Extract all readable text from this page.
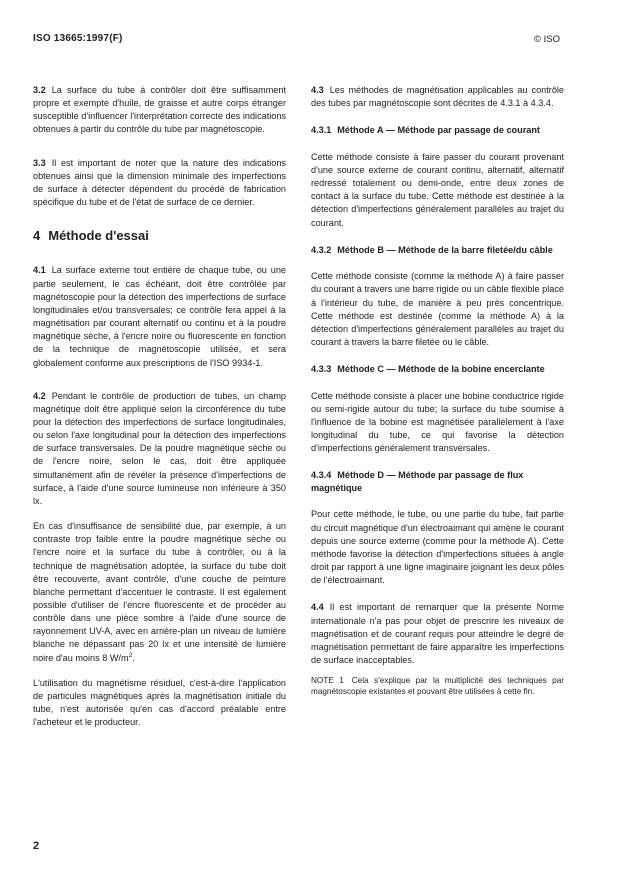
ISO 13665:1997(F)	© ISO

3.2 La surface du tube à contrôler doit être suffisamment propre et exempte d'huile, de graisse et autre corps étranger susceptible d'influencer l'interprétation correcte des indications obtenues à partir du contrôle du tube par magnétoscopie.

3.3 Il est important de noter que la nature des indications obtenues ainsi que la dimension minimale des imperfections de surface à détecter dépendent du procédé de fabrication spécifique du tube et de l'état de surface de ce dernier.

4 Méthode d'essai

4.1 La surface externe tout entière de chaque tube, ou une partie seulement, le cas échéant, doit être contrôlée par magnétoscopie pour la détection des imperfections de surface longitudinales et/ou transversales; ce contrôle fera appel à la magnétisation par courant alternatif ou continu et à la poudre magnétique sèche, à l'encre noire ou fluorescente en fonction de la technique de magnétoscopie utilisée, et sera globalement conforme aux prescriptions de l'ISO 9934-1.

4.2 Pendant le contrôle de production de tubes, un champ magnétique doit être appliqué selon la circonférence du tube pour la détection des imperfections de surface longitudinales, ou selon l'axe longitudinal pour la détection des imperfections de surface transversales. De la poudre magnétique sèche ou de l'encre noire, selon le cas, doit être appliquée simultanément afin de révéler la présence d'imperfections de surface, à l'aide d'une source lumineuse non inférieure à 350 lx.

En cas d'insuffisance de sensibilité due, par exemple, à un contraste trop faible entre la poudre magnétique sèche ou l'encre noire et la surface du tube à contrôler, ou à la technique de magnétisation adoptée, la surface du tube doit être recouverte, avant contrôle, d'une couche de peinture blanche permettant d'accentuer le contraste. Il est également possible d'utiliser de l'encre fluorescente et de procéder au contrôle dans une pièce sombre à l'aide d'une source de rayonnement UV-A, avec en arrière-plan un niveau de lumière blanche ne dépassant pas 20 lx et une intensité de lumière noire d'au moins 8 $W/m^2$.

L'utilisation du magnétisme résiduel, c'est-à-dire l'application de particules magnétiques après la magnétisation initiale du tube, n'est autorisée qu'en cas d'accord préalable entre l'acheteur et le producteur.

4.3 Les méthodes de magnétisation applicables au contrôle des tubes par magnétoscopie sont décrites de 4.3.1 à 4.3.4.

4.3.1 Méthode A — Méthode par passage de courant

Cette méthode consiste à faire passer du courant provenant d'une source externe de courant continu, alternatif, alternatif redressé totalement ou demi-onde, entre deux zones de contact à la surface du tube. Cette méthode est destinée à la détection d'imperfections généralement parallèles au trajet du courant.

4.3.2 Méthode B — Méthode de la barre filetée/du câble

Cette méthode consiste (comme la méthode A) à faire passer du courant à travers une barre rigide ou un câble flexible placé à l'intérieur du tube, de manière à peu près concentrique. Cette méthode est destinée (comme la méthode A) à la détection d'imperfections généralement parallèles au trajet du courant à travers la barre filetée ou le câble.

4.3.3 Méthode C — Méthode de la bobine encerclante

Cette méthode consiste à placer une bobine conductrice rigide ou semi-rigide autour du tube; la surface du tube soumise à l'influence de la bobine est magnétisée parallèlement à l'axe longitudinal du tube, ce qui favorise la détection d'imperfections généralement transversales.

4.3.4 Méthode D — Méthode par passage de flux magnétique

Pour cette méthode, le tube, ou une partie du tube, fait partie du circuit magnétique d'un électroaimant qui amène le courant depuis une source externe (comme pour la méthode A). Cette méthode favorise la détection d'imperfections situées à angle droit par rapport à une ligne imaginaire joignant les deux pôles de l'électroaimant.

4.4 Il est important de remarquer que la présente Norme internationale n'a pas pour objet de prescrire les niveaux de magnétisation et de courant requis pour atteindre le degré de magnétisation permettant de faire apparaître les imperfections de surface inacceptables.

NOTE 1 Cela s'explique par la multiplicité des techniques par magnétoscopie existantes et pouvant être utilisées à cette fin.

2
